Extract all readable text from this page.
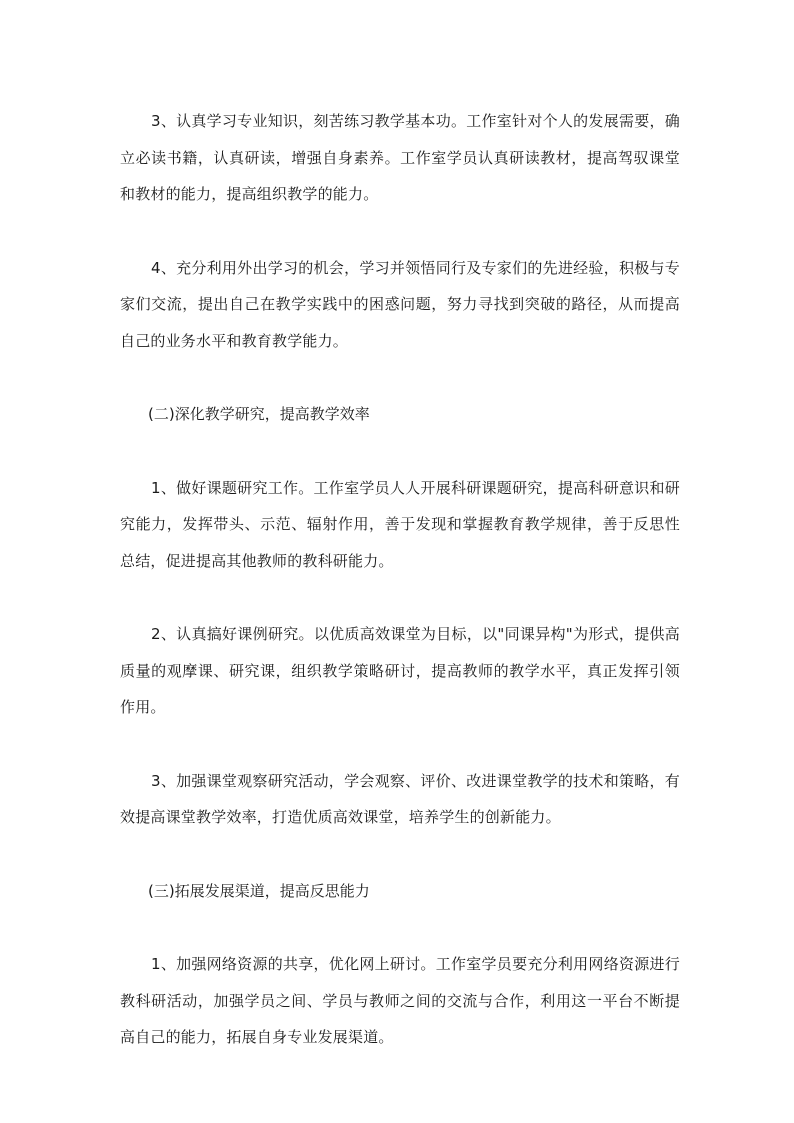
3、认真学习专业知识，刻苦练习教学基本功。工作室针对个人的发展需要，确立必读书籍，认真研读，增强自身素养。工作室学员认真研读教材，提高驾驭课堂和教材的能力，提高组织教学的能力。

4、充分利用外出学习的机会，学习并领悟同行及专家们的先进经验，积极与专家们交流，提出自己在教学实践中的困惑问题，努力寻找到突破的路径，从而提高自己的业务水平和教育教学能力。

(二)深化教学研究，提高教学效率

1、做好课题研究工作。工作室学员人人开展科研课题研究，提高科研意识和研究能力，发挥带头、示范、辐射作用，善于发现和掌握教育教学规律，善于反思性总结，促进提高其他教师的教科研能力。

2、认真搞好课例研究。以优质高效课堂为目标，以"同课异构"为形式，提供高质量的观摩课、研究课，组织教学策略研讨，提高教师的教学水平，真正发挥引领作用。

3、加强课堂观察研究活动，学会观察、评价、改进课堂教学的技术和策略，有效提高课堂教学效率，打造优质高效课堂，培养学生的创新能力。

(三)拓展发展渠道，提高反思能力

1、加强网络资源的共享，优化网上研讨。工作室学员要充分利用网络资源进行教科研活动，加强学员之间、学员与教师之间的交流与合作，利用这一平台不断提高自己的能力，拓展自身专业发展渠道。
